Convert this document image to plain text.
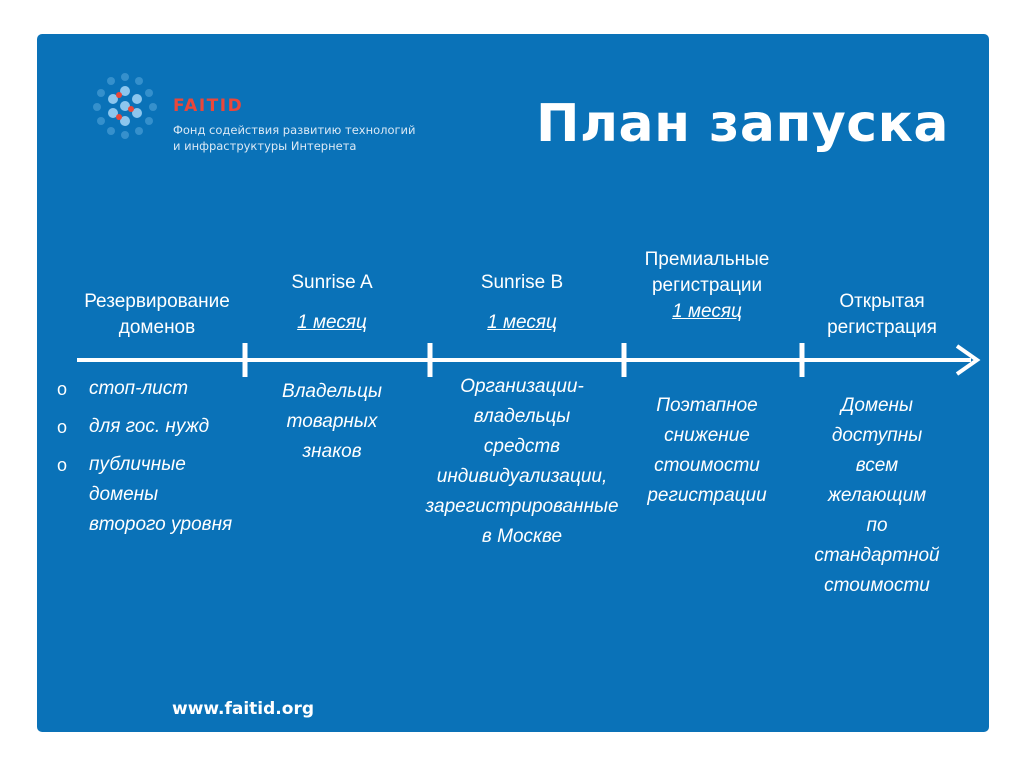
FAITID
Фонд содействия развитию технологий
и инфраструктуры Интернета	План запуска
Резервирование
доменов
o стоп-лист
o для гос. нужд
o публичные
домены
второго уровня
Sunrise A
1 месяц
Владельцы
товарных
знаков
Sunrise B
1 месяц
Организации-
владельцы
средств
индивидуализации,
зарегистрированные
в Москве
Премиальные
регистрации
1 месяц
Поэтапное
снижение
стоимости
регистрации
Открытая
регистрация
Домены
доступны
всем
желающим
по
стандартной
стоимости
www.faitid.org
